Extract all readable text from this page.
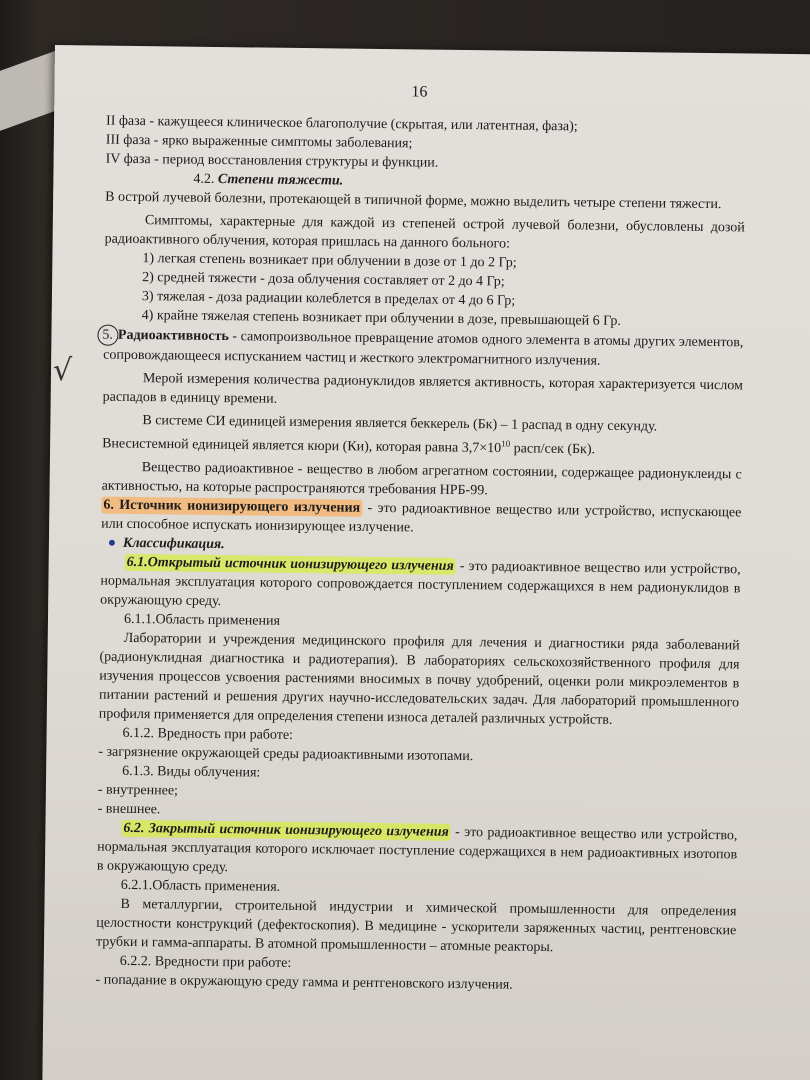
16
√
II фаза - кажущееся клиническое благополучие (скрытая, или латентная, фаза);
III фаза - ярко выраженные симптомы заболевания;
IV фаза - период восстановления структуры и функции.
4.2. Степени тяжести.

В острой лучевой болезни, протекающей в типичной форме, можно выделить четыре степени тяжести.

Симптомы, характерные для каждой из степеней острой лучевой болезни, обусловлены дозой радиоактивного облучения, которая пришлась на данного больного:

1) легкая степень возникает при облучении в дозе от 1 до 2 Гр;
2) средней тяжести - доза облучения составляет от 2 до 4 Гр;
3) тяжелая - доза радиации колеблется в пределах от 4 до 6 Гр;
4) крайне тяжелая степень возникает при облучении в дозе, превышающей 6 Гр.

5. Радиоактивность - самопроизвольное превращение атомов одного элемента в атомы других элементов, сопровождающееся испусканием частиц и жесткого электромагнитного излучения.

Мерой измерения количества радионуклидов является активность, которая характеризуется числом распадов в единицу времени.

В системе СИ единицей измерения является беккерель (Бк) – 1 распад в одну секунду.
Внесистемной единицей является кюри (Ки), которая равна $3,7\times 10^{10}$ расп/сек (Бк).

Вещество радиоактивное - вещество в любом агрегатном состоянии, содержащее радионуклеиды с активностью, на которые распространяются требования НРБ-99.

6. Источник ионизирующего излучения - это радиоактивное вещество или устройство, испускающее или способное испускать ионизирующее излучение.

Классификация.

6.1.Открытый источник ионизирующего излучения - это радиоактивное вещество или устройство, нормальная эксплуатация которого сопровождается поступлением содержащихся в нем радионуклидов в окружающую среду.

6.1.1.Область применения

Лаборатории и учреждения медицинского профиля для лечения и диагностики ряда заболеваний (радионуклидная диагностика и радиотерапия). В лабораториях сельскохозяйственного профиля для изучения процессов усвоения растениями вносимых в почву удобрений, оценки роли микроэлементов в питании растений и решения других научно-исследовательских задач. Для лабораторий промышленного профиля применяется для определения степени износа деталей различных устройств.

6.1.2. Вредность при работе:
- загрязнение окружающей среды радиоактивными изотопами.
6.1.3. Виды облучения:
- внутреннее;
- внешнее.

6.2. Закрытый источник ионизирующего излучения - это радиоактивное вещество или устройство, нормальная эксплуатация которого исключает поступление содержащихся в нем радиоактивных изотопов в окружающую среду.

6.2.1.Область применения.

В металлургии, строительной индустрии и химической промышленности для определения целостности конструкций (дефектоскопия). В медицине - ускорители заряженных частиц, рентгеновские трубки и гамма-аппараты. В атомной промышленности – атомные реакторы.

6.2.2. Вредности при работе:
- попадание в окружающую среду гамма и рентгеновского излучения.
